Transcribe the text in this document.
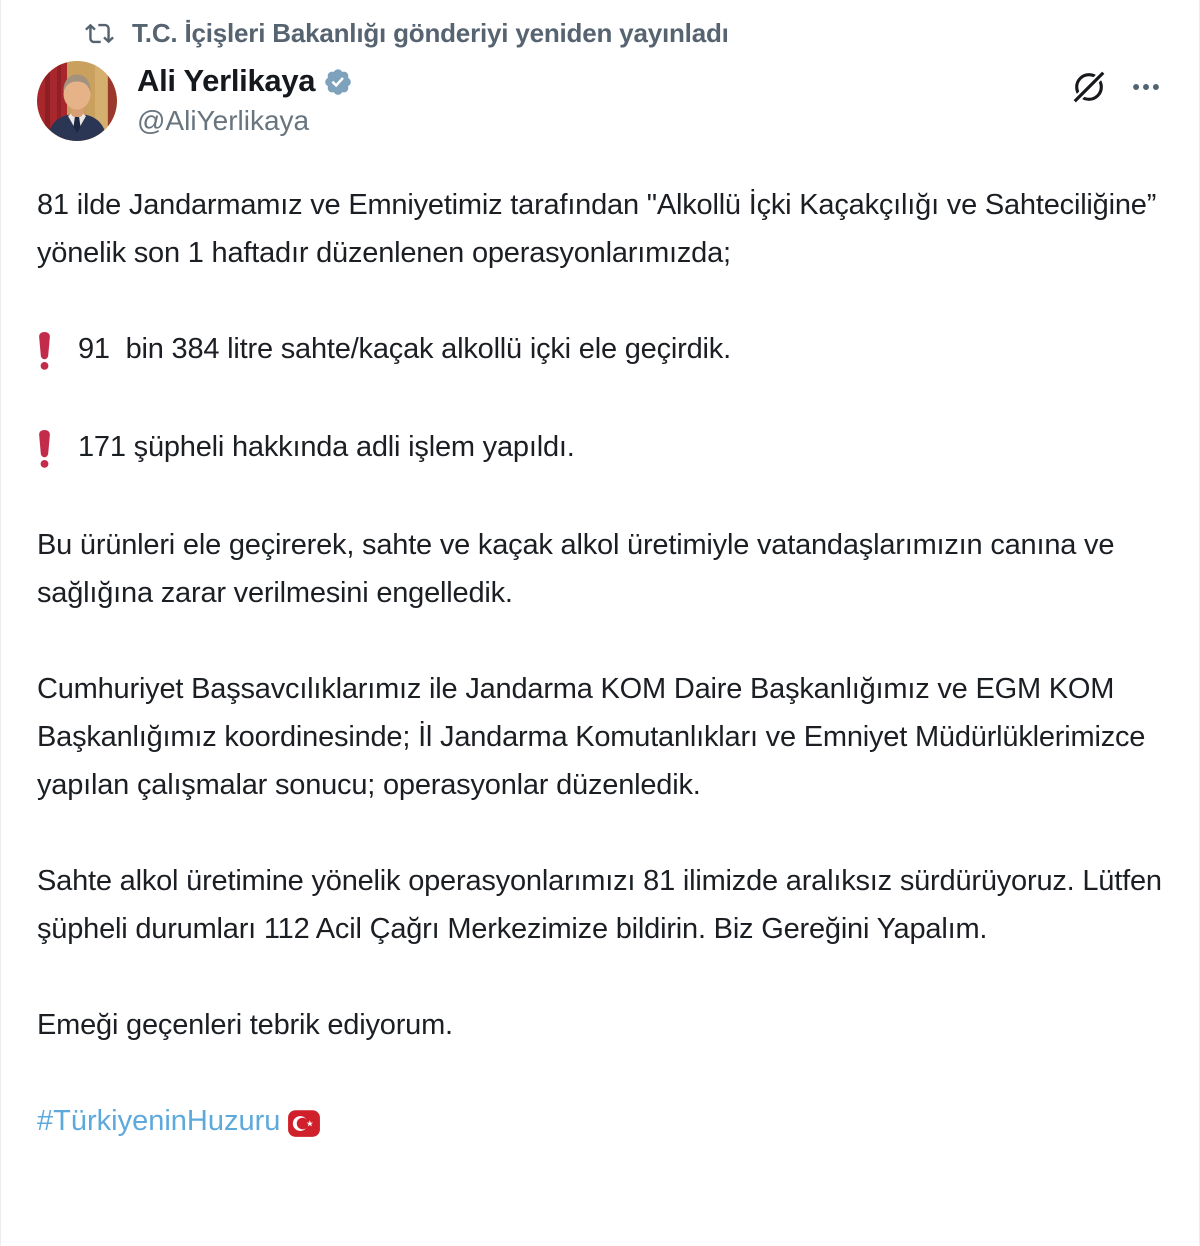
T.C. İçişleri Bakanlığı gönderiyi yeniden yayınladı
Ali Yerlikaya
@AliYerlikaya

81 ilde Jandarmamız ve Emniyetimiz tarafından "Alkollü İçki Kaçakçılığı ve Sahteciliğine” yönelik son 1 haftadır düzenlenen operasyonlarımızda;

91  bin 384 litre sahte/kaçak alkollü içki ele geçirdik.
171 şüpheli hakkında adli işlem yapıldı.

Bu ürünleri ele geçirerek, sahte ve kaçak alkol üretimiyle vatandaşlarımızın canına ve sağlığına zarar verilmesini engelledik.

Cumhuriyet Başsavcılıklarımız ile Jandarma KOM Daire Başkanlığımız ve EGM KOM Başkanlığımız koordinesinde; İl Jandarma Komutanlıkları ve Emniyet Müdürlüklerimizce yapılan çalışmalar sonucu; operasyonlar düzenledik.

Sahte alkol üretimine yönelik operasyonlarımızı 81 ilimizde aralıksız sürdürüyoruz. Lütfen şüpheli durumları 112 Acil Çağrı Merkezimize bildirin. Biz Gereğini Yapalım.

Emeği geçenleri tebrik ediyorum.

#TürkiyeninHuzuru
